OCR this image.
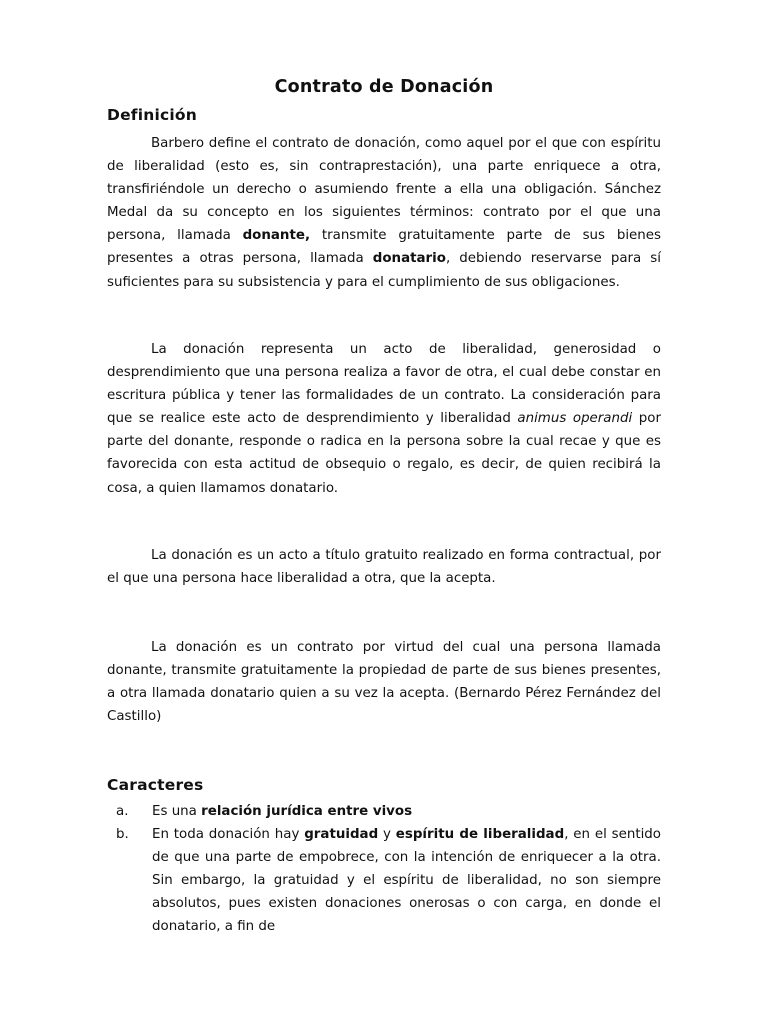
Contrato de Donación
Definición

Barbero define el contrato de donación, como aquel por el que con espíritu de liberalidad (esto es, sin contraprestación), una parte enriquece a otra, transfiriéndole un derecho o asumiendo frente a ella una obligación. Sánchez Medal da su concepto en los siguientes términos: contrato por el que una persona, llamada donante, transmite gratuitamente parte de sus bienes presentes a otras persona, llamada donatario, debiendo reservarse para sí suficientes para su subsistencia y para el cumplimiento de sus obligaciones.

La donación representa un acto de liberalidad, generosidad o desprendimiento que una persona realiza a favor de otra, el cual debe constar en escritura pública y tener las formalidades de un contrato. La consideración para que se realice este acto de desprendimiento y liberalidad animus operandi por parte del donante, responde o radica en la persona sobre la cual recae y que es favorecida con esta actitud de obsequio o regalo, es decir, de quien recibirá la cosa, a quien llamamos donatario.

La donación es un acto a título gratuito realizado en forma contractual, por el que una persona hace liberalidad a otra, que la acepta.

La donación es un contrato por virtud del cual una persona llamada donante, transmite gratuitamente la propiedad de parte de sus bienes presentes, a otra llamada donatario quien a su vez la acepta. (Bernardo Pérez Fernández del Castillo)

Caracteres
a. Es una relación jurídica entre vivos
b. En toda donación hay gratuidad y espíritu de liberalidad, en el sentido de que una parte de empobrece, con la intención de enriquecer a la otra. Sin embargo, la gratuidad y el espíritu de liberalidad, no son siempre absolutos, pues existen donaciones onerosas o con carga, en donde el donatario, a fin de
